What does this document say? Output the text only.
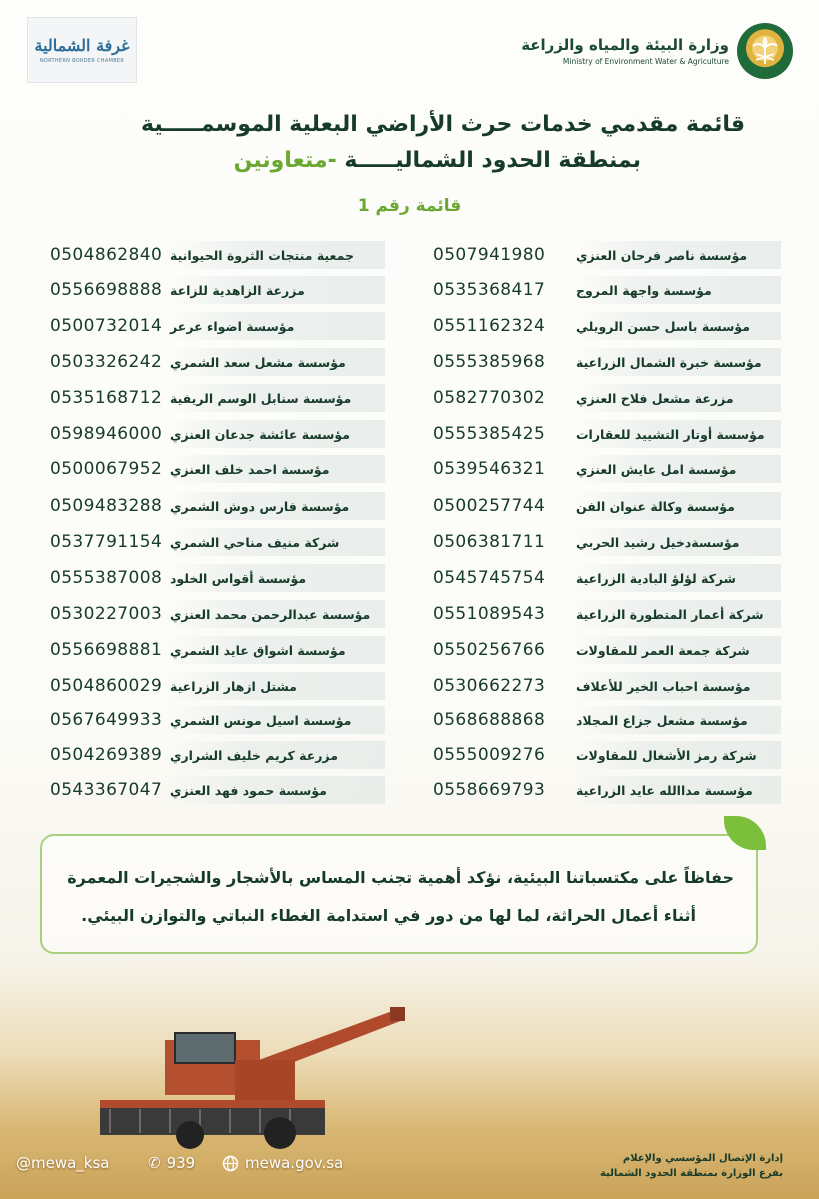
غرفة الشمالية
NORTHERN BORDER CHAMBER
وزارة البيئة والمياه والزراعة
Ministry of Environment Water & Agriculture
قائمة مقدمي خدمات حرث الأراضي البعلية الموسمـــــية
بمنطقة الحدود الشماليـــــة -متعاونين
قائمة رقم 1
مؤسسة ناصر فرحان العنزي
0507941980
مؤسسة واجهة المروج
0535368417
مؤسسة باسل حسن الرويلي
0551162324
مؤسسة خبرة الشمال الزراعية
0555385968
مزرعة مشعل فلاح العنزي
0582770302
مؤسسة أوتار التشييد للعقارات
0555385425
مؤسسة امل عايش العنزي
0539546321
مؤسسة وكالة عنوان الفن
0500257744
مؤسسةدخيل رشيد الحربي
0506381711
شركة لؤلؤ البادية الزراعية
0545745754
شركة أعمار المتطورة الزراعية
0551089543
شركة جمعة العمر للمقاولات
0550256766
مؤسسة احباب الخير للأعلاف
0530662273
مؤسسة مشعل جزاع المجلاد
0568688868
شركة رمز الأشغال للمقاولات
0555009276
مؤسسة مداالله عايد الزراعية
0558669793
جمعية منتجات الثروة الحيوانية
0504862840
مزرعة الزاهدية للزاعة
0556698888
مؤسسة اضواء عرعر
0500732014
مؤسسة مشعل سعد الشمري
0503326242
مؤسسة سنابل الوسم الريفية
0535168712
مؤسسة عائشة جدعان العنزي
0598946000
مؤسسة احمد خلف العنزي
0500067952
مؤسسة فارس دوش الشمري
0509483288
شركة منيف مناحي الشمري
0537791154
مؤسسة أقواس الخلود
0555387008
مؤسسة عبدالرحمن محمد العنزي
0530227003
مؤسسة اشواق عايد الشمري
0556698881
مشتل ازهار الزراعية
0504860029
مؤسسة اسيل مونس الشمري
0567649933
مزرعة كريم خليف الشراري
0504269389
مؤسسة حمود فهد العنزي
0543367047
حفاظاً على مكتسباتنا البيئية، نؤكد أهمية تجنب المساس بالأشجار والشجيرات المعمرة
أثناء أعمال الحراثة، لما لها من دور في استدامة الغطاء النباتي والتوازن البيئي.
@mewa_ksa	✆ 939	mewa.gov.sa	إدارة الإتصال المؤسسي والإعلام
بفرع الوزارة بمنطقة الحدود الشمالية
